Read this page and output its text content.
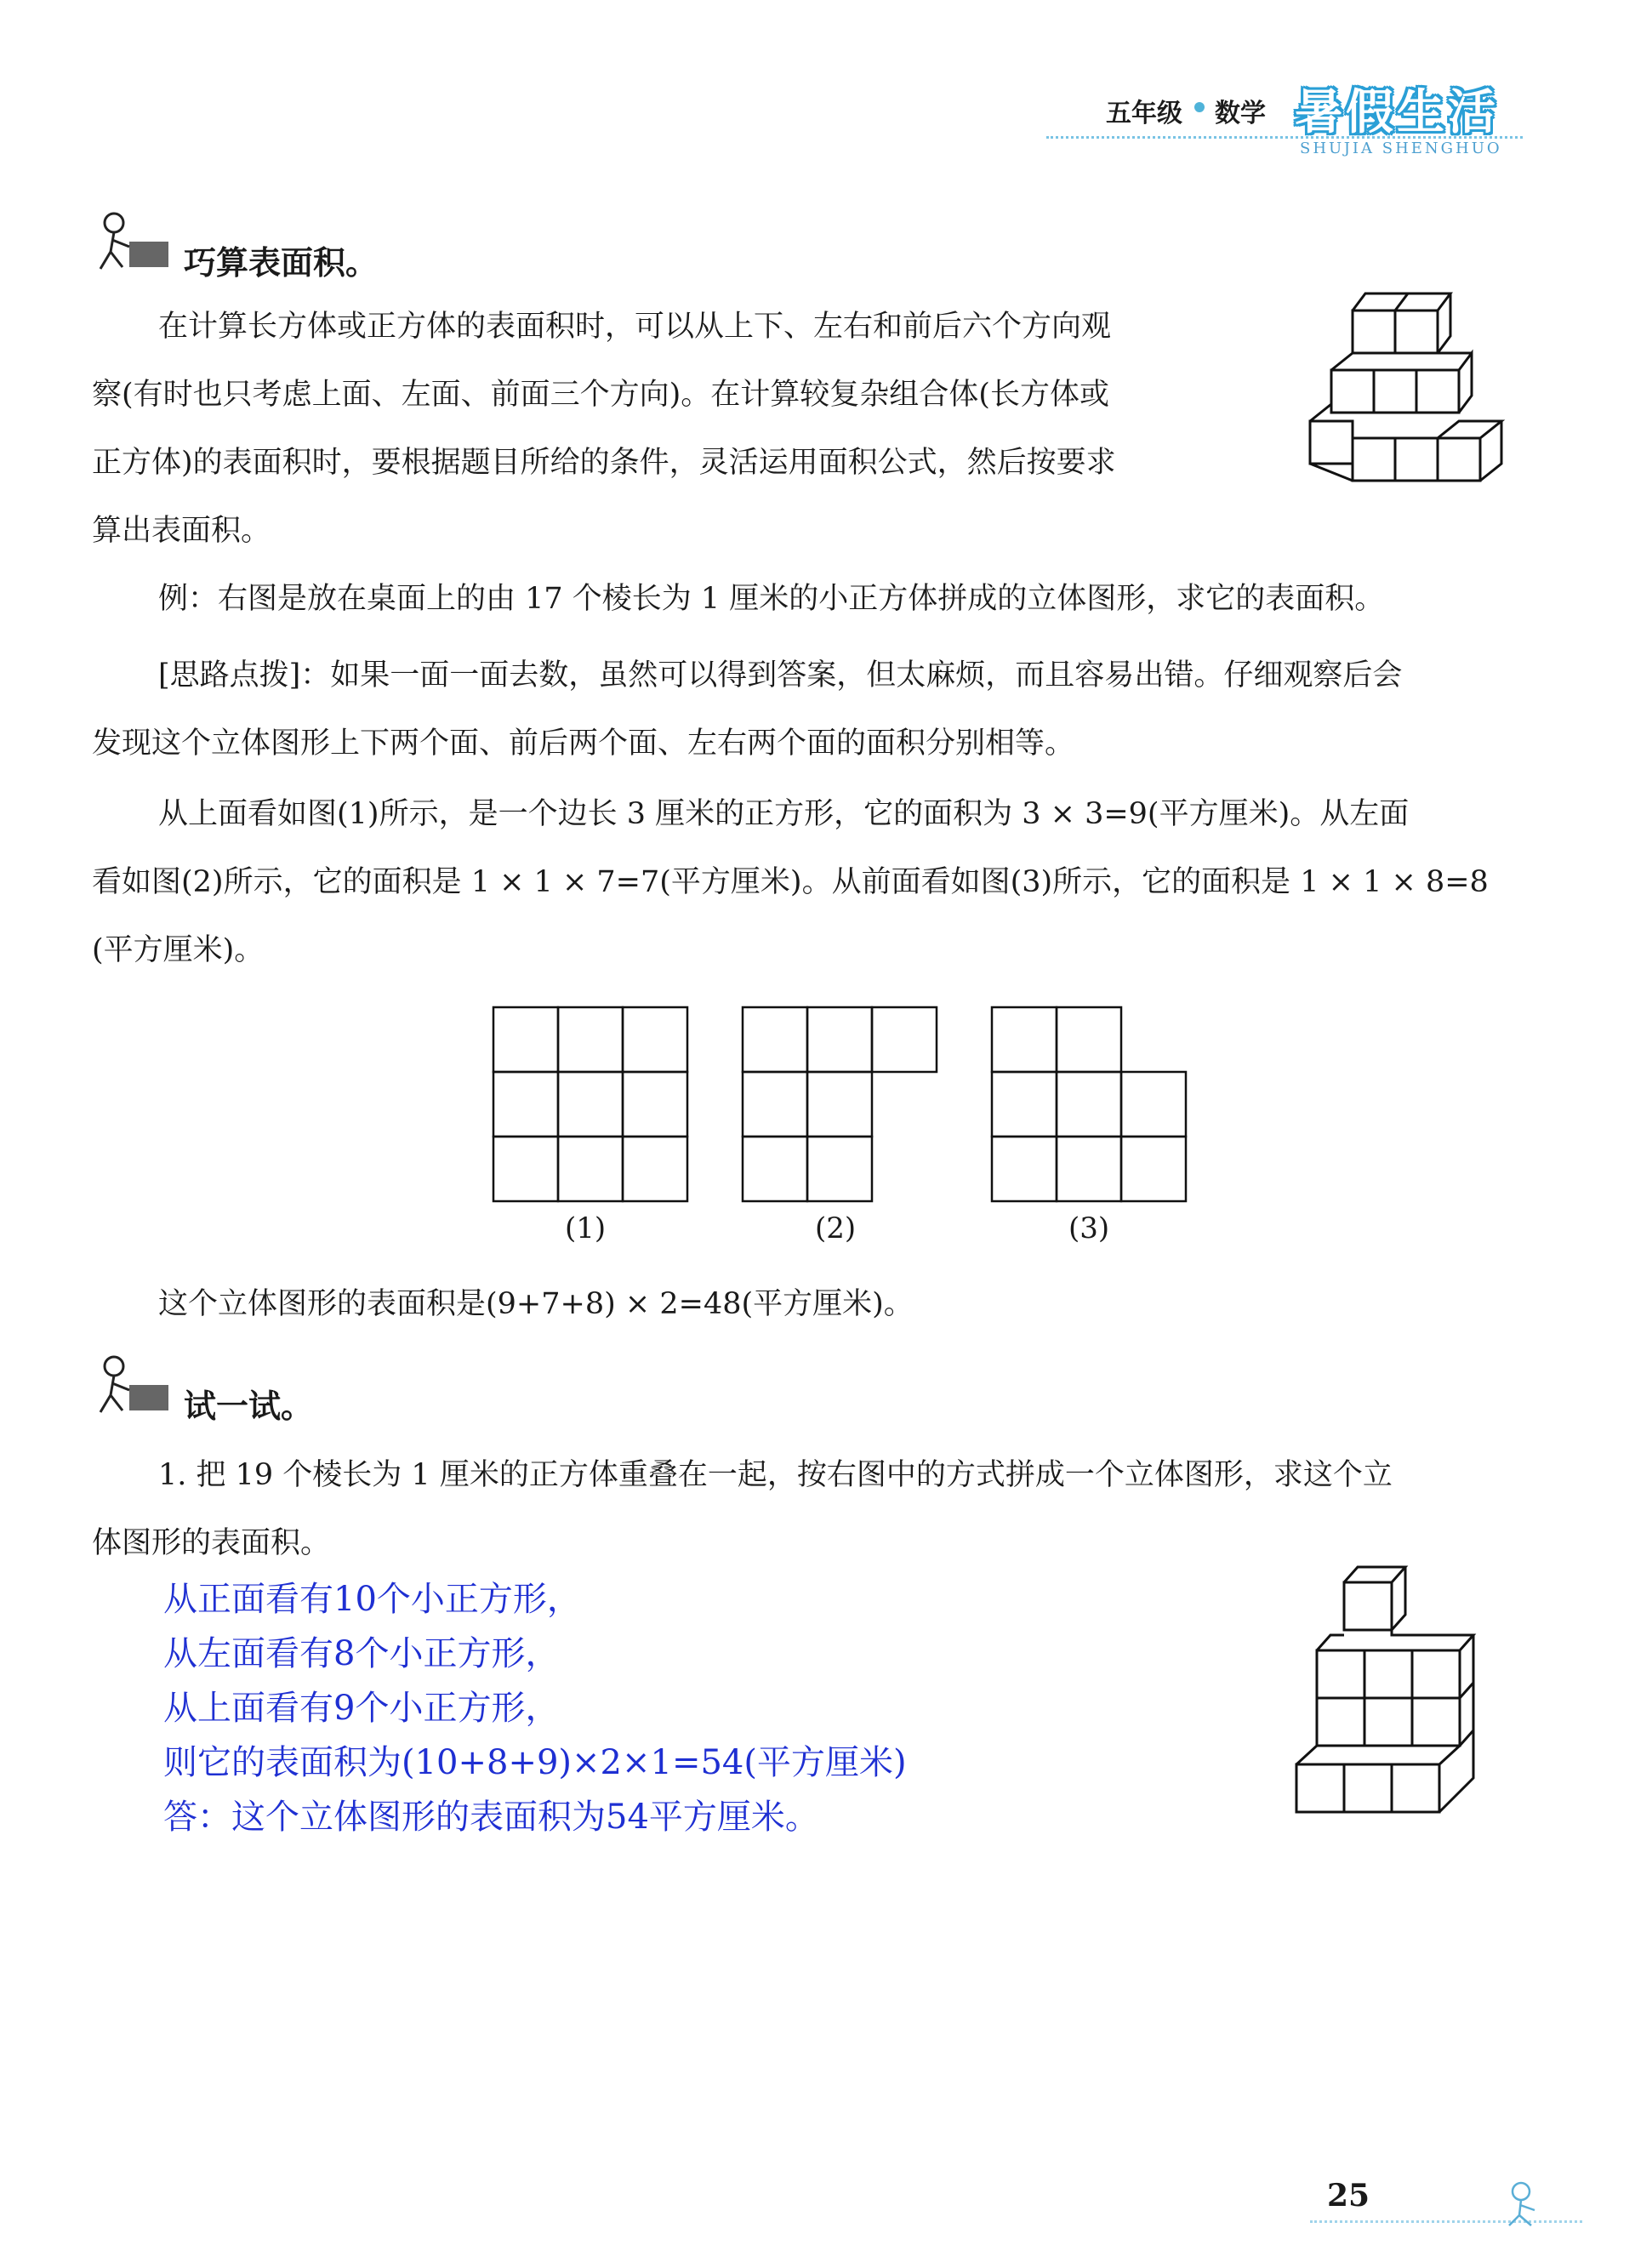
五年级 数学 暑假生活
SHUJIA SHENGHUO
巧算表面积。
在计算长方体或正方体的表面积时，可以从上下、左右和前后六个方向观
察(有时也只考虑上面、左面、前面三个方向)。在计算较复杂组合体(长方体或
正方体)的表面积时，要根据题目所给的条件，灵活运用面积公式，然后按要求
算出表面积。
例：右图是放在桌面上的由 17 个棱长为 1 厘米的小正方体拼成的立体图形，求它的表面积。
[思路点拨]：如果一面一面去数，虽然可以得到答案，但太麻烦，而且容易出错。仔细观察后会
发现这个立体图形上下两个面、前后两个面、左右两个面的面积分别相等。
从上面看如图(1)所示，是一个边长 3 厘米的正方形，它的面积为 3 × 3=9(平方厘米)。从左面
看如图(2)所示，它的面积是 1 × 1 × 7=7(平方厘米)。从前面看如图(3)所示，它的面积是 1 × 1 × 8=8
(平方厘米)。
(1)	(2)	(3)
这个立体图形的表面积是(9+7+8) × 2=48(平方厘米)。
试一试。
1. 把 19 个棱长为 1 厘米的正方体重叠在一起，按右图中的方式拼成一个立体图形，求这个立
体图形的表面积。
从正面看有10个小正方形，
从左面看有8个小正方形，
从上面看有9个小正方形，
则它的表面积为(10+8+9)×2×1=54(平方厘米)
答：这个立体图形的表面积为54平方厘米。
25
